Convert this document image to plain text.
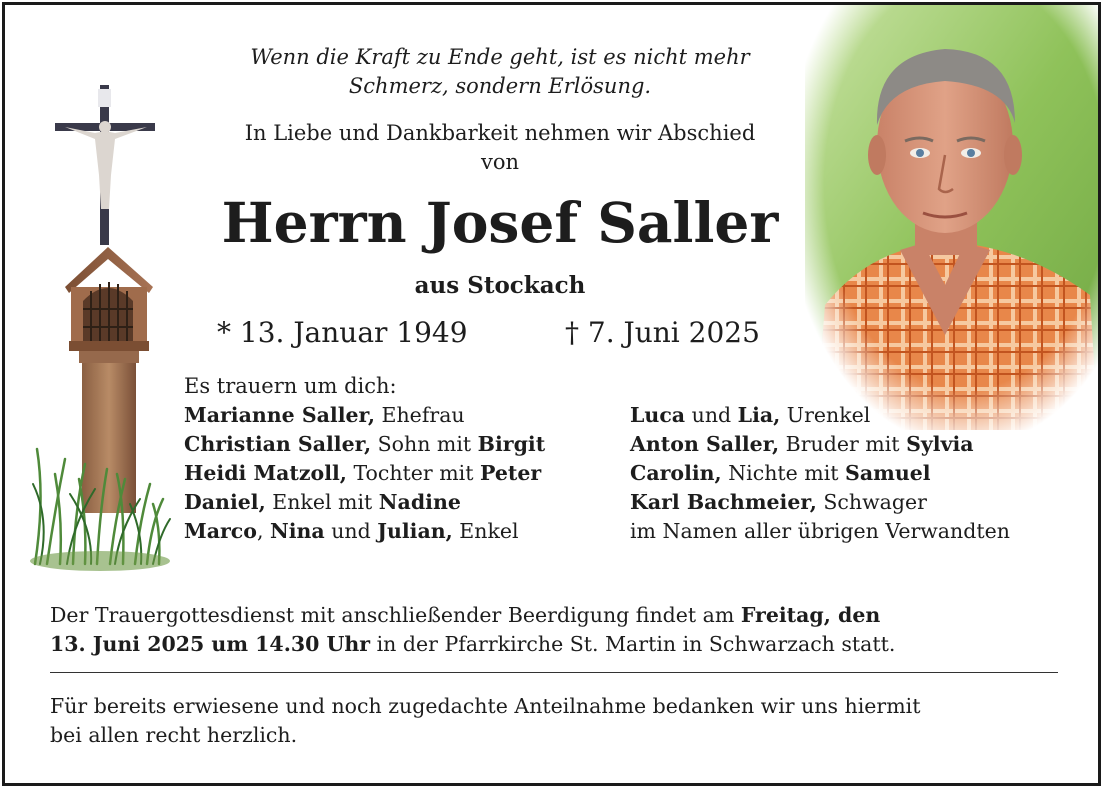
Wenn die Kraft zu Ende geht, ist es nicht mehr
Schmerz, sondern Erlösung.
In Liebe und Dankbarkeit nehmen wir Abschied
von
Herrn Josef Saller
aus Stockach
* 13. Januar 1949	† 7. Juni 2025
Es trauern um dich:
Marianne Saller, Ehefrau
Christian Saller, Sohn mit Birgit
Heidi Matzoll, Tochter mit Peter
Daniel, Enkel mit Nadine
Marco, Nina und Julian, Enkel
Luca und Lia, Urenkel
Anton Saller, Bruder mit Sylvia
Carolin, Nichte mit Samuel
Karl Bachmeier, Schwager
im Namen aller übrigen Verwandten
Der Trauergottesdienst mit anschließender Beerdigung findet am Freitag, den
13. Juni 2025 um 14.30 Uhr in der Pfarrkirche St. Martin in Schwarzach statt.
Für bereits erwiesene und noch zugedachte Anteilnahme bedanken wir uns hiermit
bei allen recht herzlich.
